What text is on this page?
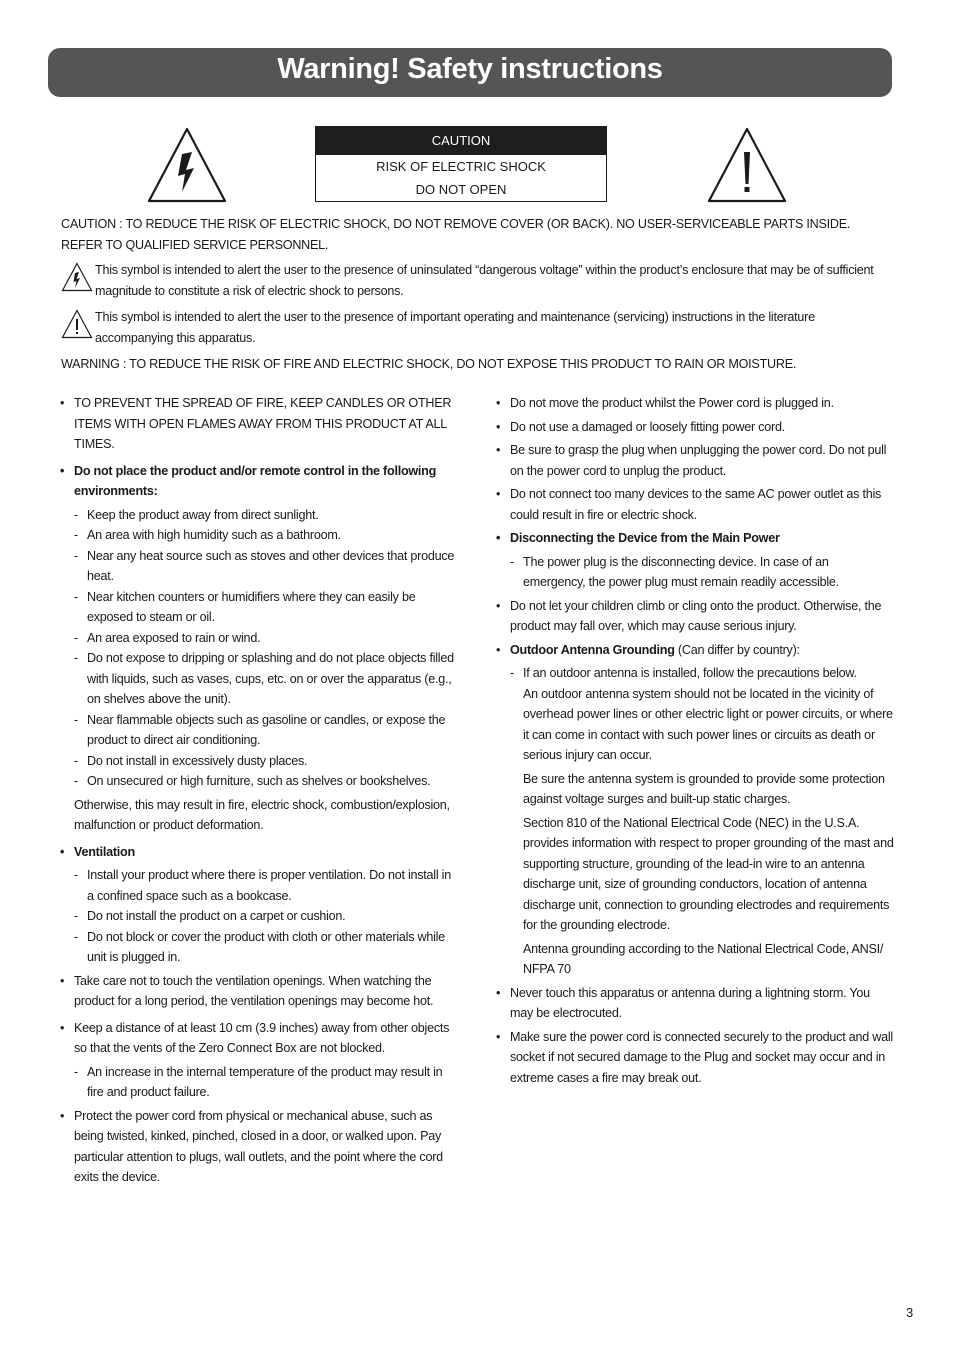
Warning! Safety instructions
CAUTION
RISK OF ELECTRIC SHOCK
DO NOT OPEN
CAUTION : TO REDUCE THE RISK OF ELECTRIC SHOCK, DO NOT REMOVE COVER (OR BACK). NO USER-SERVICEABLE PARTS INSIDE. REFER TO QUALIFIED SERVICE PERSONNEL.
This symbol is intended to alert the user to the presence of uninsulated “dangerous voltage” within the product’s enclosure that may be of sufficient magnitude to constitute a risk of electric shock to persons.
This symbol is intended to alert the user to the presence of important operating and maintenance (servicing) instructions in the literature accompanying this apparatus.
WARNING : TO REDUCE THE RISK OF FIRE AND ELECTRIC SHOCK, DO NOT EXPOSE THIS PRODUCT TO RAIN OR MOISTURE.
• TO PREVENT THE SPREAD OF FIRE, KEEP CANDLES OR OTHER ITEMS WITH OPEN FLAMES AWAY FROM THIS PRODUCT AT ALL TIMES.
• Do not place the product and/or remote control in the following environments:
- Keep the product away from direct sunlight.
- An area with high humidity such as a bathroom.
- Near any heat source such as stoves and other devices that produce heat.
- Near kitchen counters or humidifiers where they can easily be exposed to steam or oil.
- An area exposed to rain or wind.
- Do not expose to dripping or splashing and do not place objects filled with liquids, such as vases, cups, etc. on or over the apparatus (e.g., on shelves above the unit).
- Near flammable objects such as gasoline or candles, or expose the product to direct air conditioning.
- Do not install in excessively dusty places.
- On unsecured or high furniture, such as shelves or bookshelves.
Otherwise, this may result in fire, electric shock, combustion/explosion, malfunction or product deformation.
• Ventilation
- Install your product where there is proper ventilation. Do not install in a confined space such as a bookcase.
- Do not install the product on a carpet or cushion.
- Do not block or cover the product with cloth or other materials while unit is plugged in.
• Take care not to touch the ventilation openings. When watching the product for a long period, the ventilation openings may become hot.
• Keep a distance of at least 10 cm (3.9 inches) away from other objects so that the vents of the Zero Connect Box are not blocked.
- An increase in the internal temperature of the product may result in fire and product failure.
• Protect the power cord from physical or mechanical abuse, such as being twisted, kinked, pinched, closed in a door, or walked upon. Pay particular attention to plugs, wall outlets, and the point where the cord exits the device.
• Do not move the product whilst the Power cord is plugged in.
• Do not use a damaged or loosely fitting power cord.
• Be sure to grasp the plug when unplugging the power cord. Do not pull on the power cord to unplug the product.
• Do not connect too many devices to the same AC power outlet as this could result in fire or electric shock.
• Disconnecting the Device from the Main Power
- The power plug is the disconnecting device. In case of an emergency, the power plug must remain readily accessible.
• Do not let your children climb or cling onto the product. Otherwise, the product may fall over, which may cause serious injury.
• Outdoor Antenna Grounding (Can differ by country):
- If an outdoor antenna is installed, follow the precautions below.
An outdoor antenna system should not be located in the vicinity of overhead power lines or other electric light or power circuits, or where it can come in contact with such power lines or circuits as death or serious injury can occur.
Be sure the antenna system is grounded to provide some protection against voltage surges and built-up static charges.
Section 810 of the National Electrical Code (NEC) in the U.S.A. provides information with respect to proper grounding of the mast and supporting structure, grounding of the lead-in wire to an antenna discharge unit, size of grounding conductors, location of antenna discharge unit, connection to grounding electrodes and requirements for the grounding electrode.
Antenna grounding according to the National Electrical Code, ANSI/ NFPA 70
• Never touch this apparatus or antenna during a lightning storm. You may be electrocuted.
• Make sure the power cord is connected securely to the product and wall socket if not secured damage to the Plug and socket may occur and in extreme cases a fire may break out.
3
